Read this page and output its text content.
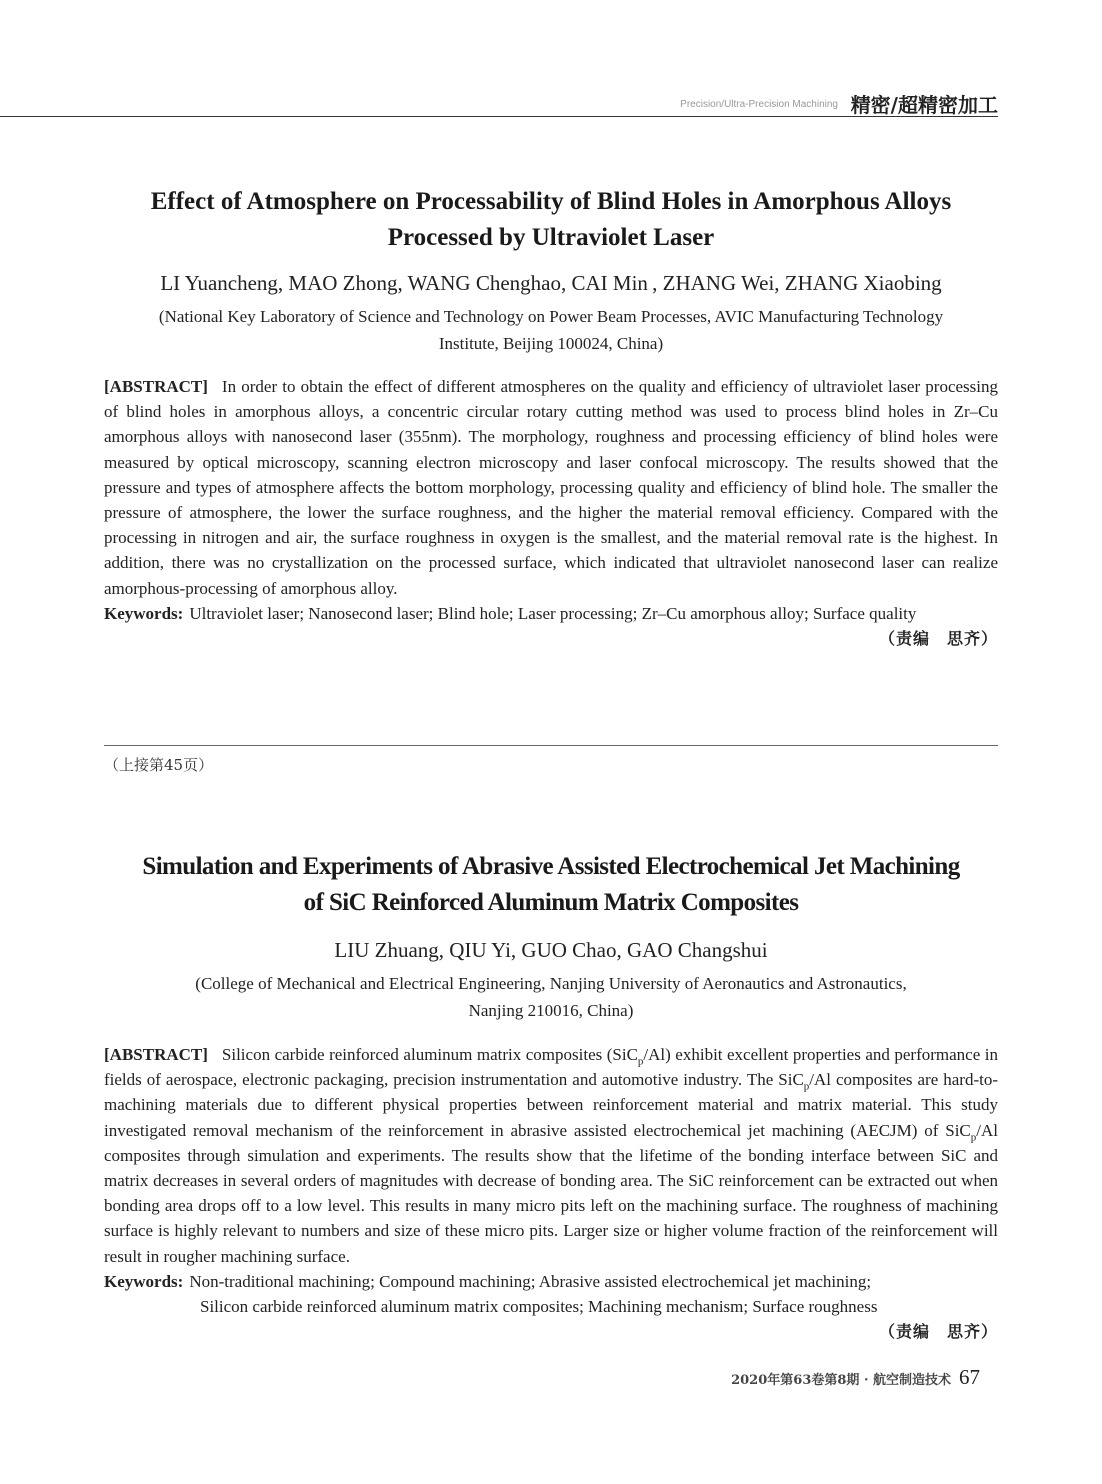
Precision/Ultra-Precision Machining 精密/超精密加工

Effect of Atmosphere on Processability of Blind Holes in Amorphous Alloys
Processed by Ultraviolet Laser

LI Yuancheng, MAO Zhong, WANG Chenghao, CAI Min , ZHANG Wei, ZHANG Xiaobing

(National Key Laboratory of Science and Technology on Power Beam Processes, AVIC Manufacturing Technology
Institute, Beijing 100024, China)

[ABSTRACT] In order to obtain the effect of different atmospheres on the quality and efficiency of ultraviolet laser processing of blind holes in amorphous alloys, a concentric circular rotary cutting method was used to process blind holes in Zr–Cu amorphous alloys with nanosecond laser (355nm). The morphology, roughness and processing efficiency of blind holes were measured by optical microscopy, scanning electron microscopy and laser confocal microscopy. The results showed that the pressure and types of atmosphere affects the bottom morphology, processing quality and efficiency of blind hole. The smaller the pressure of atmosphere, the lower the surface roughness, and the higher the material removal efficiency. Compared with the processing in nitrogen and air, the surface roughness in oxygen is the smallest, and the material removal rate is the highest. In addition, there was no crystallization on the processed surface, which indicated that ultraviolet nanosecond laser can realize amorphous-processing of amorphous alloy.

Keywords: Ultraviolet laser; Nanosecond laser; Blind hole; Laser processing; Zr–Cu amorphous alloy; Surface quality

（责编　思齐）

（上接第45页）

Simulation and Experiments of Abrasive Assisted Electrochemical Jet Machining
of SiC Reinforced Aluminum Matrix Composites

LIU Zhuang, QIU Yi, GUO Chao, GAO Changshui

(College of Mechanical and Electrical Engineering, Nanjing University of Aeronautics and Astronautics,
Nanjing 210016, China)

[ABSTRACT] Silicon carbide reinforced aluminum matrix composites (SiC$_p$/Al) exhibit excellent properties and performance in fields of aerospace, electronic packaging, precision instrumentation and automotive industry. The SiC$_p$/Al composites are hard-to-machining materials due to different physical properties between reinforcement material and matrix material. This study investigated removal mechanism of the reinforcement in abrasive assisted electrochemical jet machining (AECJM) of SiC$_p$/Al composites through simulation and experiments. The results show that the lifetime of the bonding interface between SiC and matrix decreases in several orders of magnitudes with decrease of bonding area. The SiC reinforcement can be extracted out when bonding area drops off to a low level. This results in many micro pits left on the machining surface. The roughness of machining surface is highly relevant to numbers and size of these micro pits. Larger size or higher volume fraction of the reinforcement will result in rougher machining surface.

Keywords: Non-traditional machining; Compound machining; Abrasive assisted electrochemical jet machining;
Silicon carbide reinforced aluminum matrix composites; Machining mechanism; Surface roughness

（责编　思齐）

2020年第63卷第8期 · 航空制造技术 67
